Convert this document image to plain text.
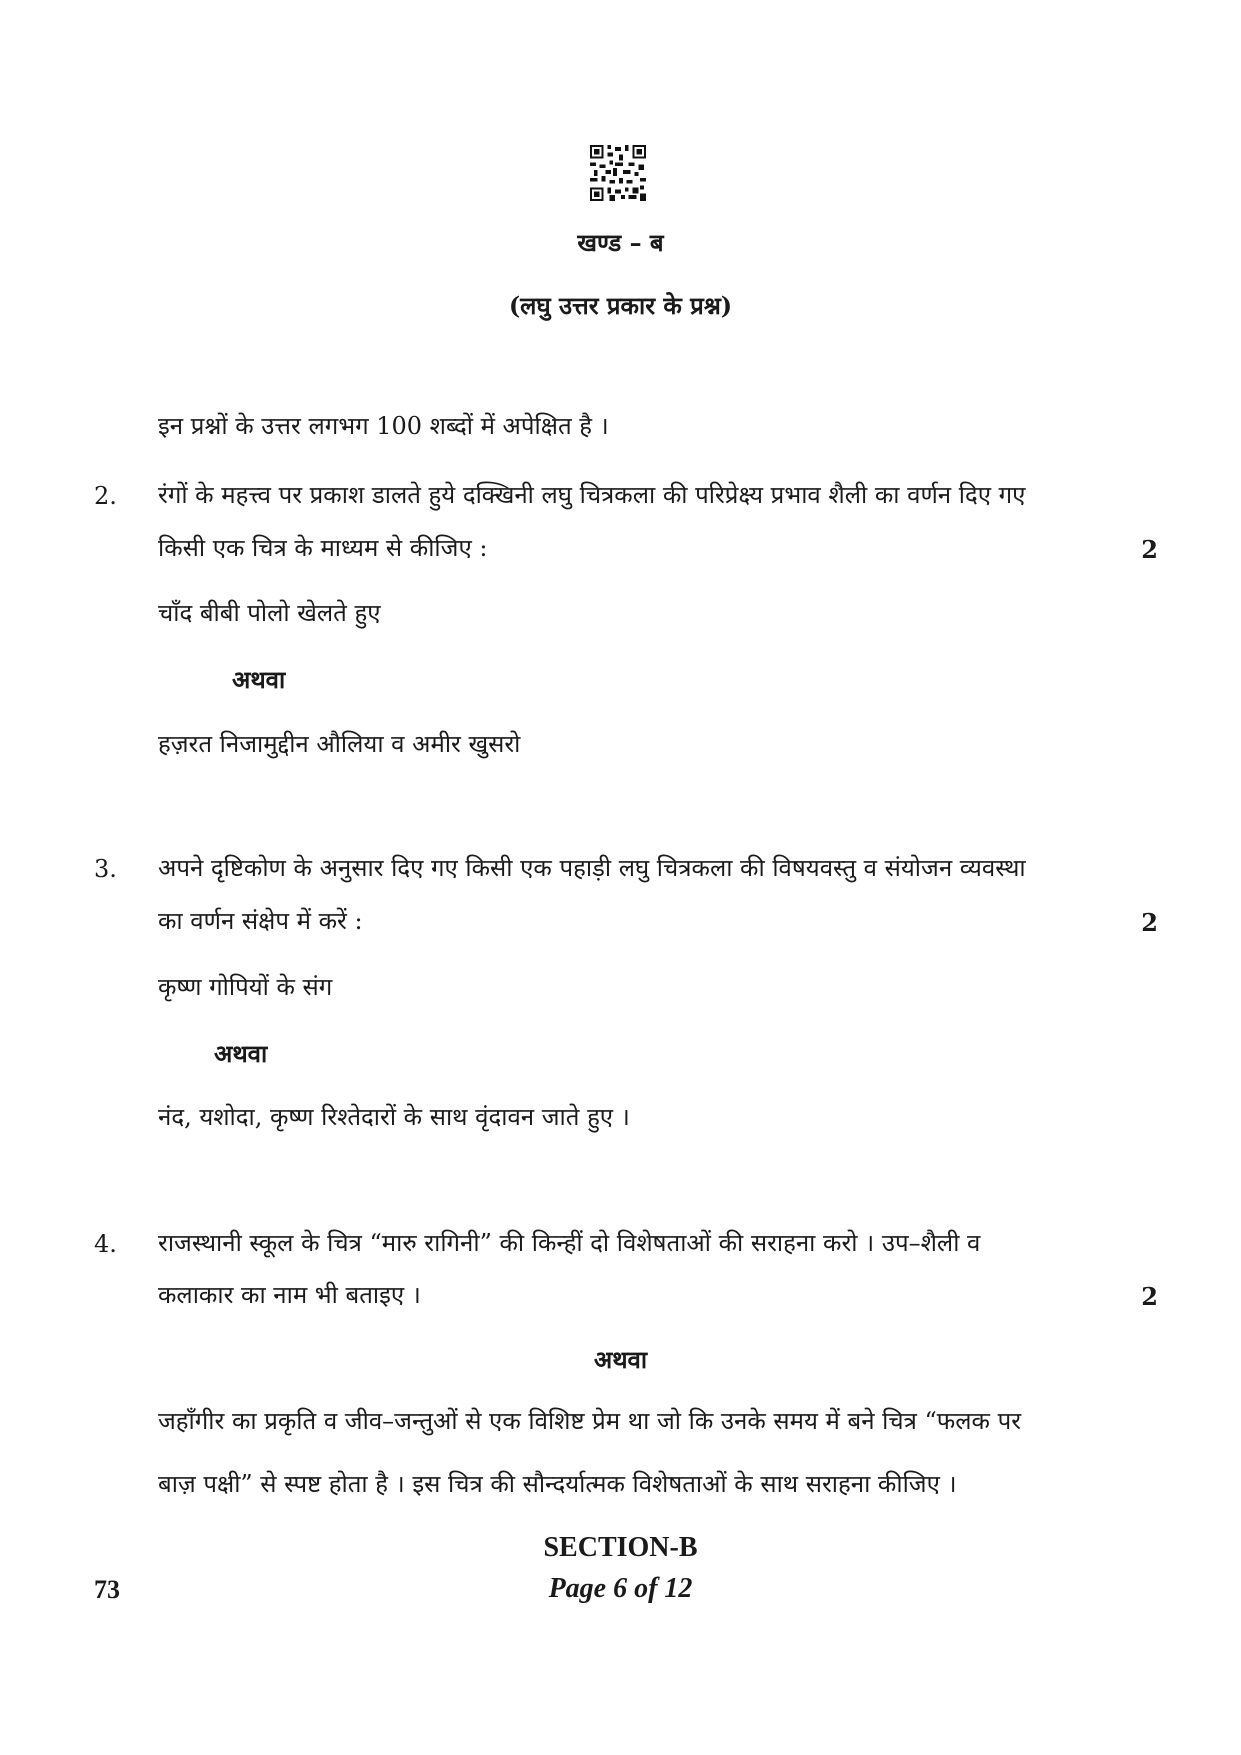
खण्ड – ब
(लघु उत्तर प्रकार के प्रश्न)
इन प्रश्नों के उत्तर लगभग 100 शब्दों में अपेक्षित है ।
2. रंगों के महत्त्व पर प्रकाश डालते हुये दक्खिनी लघु चित्रकला की परिप्रेक्ष्य प्रभाव शैली का वर्णन दिए गए
किसी एक चित्र के माध्यम से कीजिए :	2
चाँद बीबी पोलो खेलते हुए
अथवा
हज़रत निजामुद्दीन औलिया व अमीर खुसरो
3. अपने दृष्टिकोण के अनुसार दिए गए किसी एक पहाड़ी लघु चित्रकला की विषयवस्तु व संयोजन व्यवस्था
का वर्णन संक्षेप में करें :	2
कृष्ण गोपियों के संग
अथवा
नंद, यशोदा, कृष्ण रिश्तेदारों के साथ वृंदावन जाते हुए ।
4. राजस्थानी स्कूल के चित्र “मारु रागिनी” की किन्हीं दो विशेषताओं की सराहना करो । उप–शैली व
कलाकार का नाम भी बताइए ।	2
अथवा
जहाँगीर का प्रकृति व जीव–जन्तुओं से एक विशिष्ट प्रेम था जो कि उनके समय में बने चित्र “फलक पर
बाज़ पक्षी” से स्पष्ट होता है । इस चित्र की सौन्दर्यात्मक विशेषताओं के साथ सराहना कीजिए ।
SECTION-B
73	Page 6 of 12
